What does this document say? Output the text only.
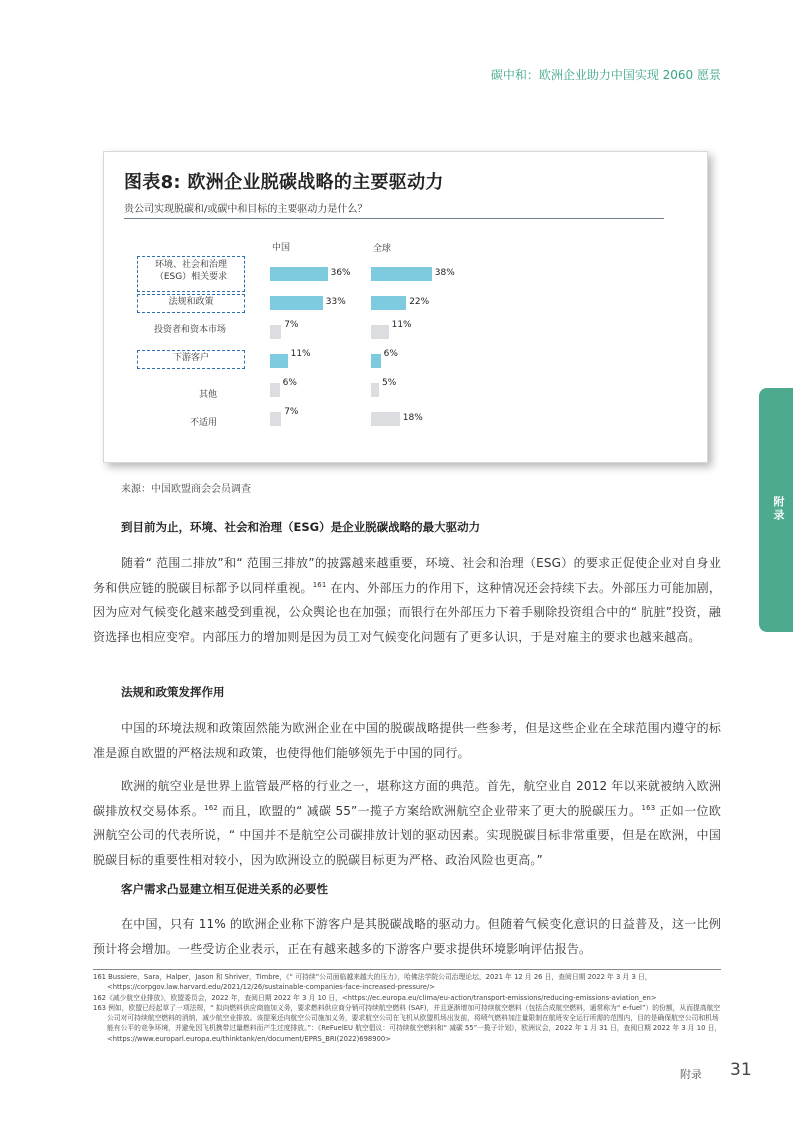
碳中和：欧洲企业助力中国实现 2060 愿景
附录
图表8: 欧洲企业脱碳战略的主要驱动力
贵公司实现脱碳和/或碳中和目标的主要驱动力是什么？
中国	全球
环境、社会和治理
（ESG）相关要求
法规和政策
投资者和资本市场
下游客户
其他
不适用
36%
33%
7%
11%
6%
7%
38%
22%
11%
6%
5%
18%
来源：中国欧盟商会会员调查
到目前为止，环境、社会和治理（ESG）是企业脱碳战略的最大驱动力
随着“ 范围二排放”和“ 范围三排放”的披露越来越重要，环境、社会和治理（ESG）的要求正促使企业对自身业务和供应链的脱碳目标都予以同样重视。$^{161}$ 在内、外部压力的作用下，这种情况还会持续下去。外部压力可能加剧，因为应对气候变化越来越受到重视，公众舆论也在加强；而银行在外部压力下着手剔除投资组合中的“ 肮脏”投资，融资选择也相应变窄。内部压力的增加则是因为员工对气候变化问题有了更多认识，于是对雇主的要求也越来越高。
法规和政策发挥作用
中国的环境法规和政策固然能为欧洲企业在中国的脱碳战略提供一些参考，但是这些企业在全球范围内遵守的标准是源自欧盟的严格法规和政策，也使得他们能够领先于中国的同行。
欧洲的航空业是世界上监管最严格的行业之一，堪称这方面的典范。首先，航空业自 2012 年以来就被纳入欧洲碳排放权交易体系。$^{162}$ 而且，欧盟的“ 减碳 55”一揽子方案给欧洲航空企业带来了更大的脱碳压力。$^{163}$ 正如一位欧洲航空公司的代表所说，“ 中国并不是航空公司碳排放计划的驱动因素。实现脱碳目标非常重要，但是在欧洲，中国脱碳目标的重要性相对较小，因为欧洲设立的脱碳目标更为严格、政治风险也更高。”
客户需求凸显建立相互促进关系的必要性
在中国，只有 11% 的欧洲企业称下游客户是其脱碳战略的驱动力。但随着气候变化意识的日益普及，这一比例预计将会增加。一些受访企业表示，正在有越来越多的下游客户要求提供环境影响评估报告。
161 Bussiere，Sara，Halper，Jason 和 Shriver，Timbre，《“ 可持续”公司面临越来越大的压力》，哈佛法学院公司治理论坛，2021 年 12 月 26 日，查阅日期 2022 年 3 月 3 日，<https://corpgov.law.harvard.edu/2021/12/26/sustainable-companies-face-increased-pressure/>
162《减少航空业排放》，欧盟委员会，2022 年，查阅日期 2022 年 3 月 10 日，<https://ec.europa.eu/clima/eu-action/transport-emissions/reducing-emissions-aviation_en>
163 例如，欧盟已经起草了一项法规，“ 拟向燃料供应商施加义务，要求燃料供应商分销可持续航空燃料 (SAF)，并且逐渐增加可持续航空燃料（包括合成航空燃料，通常称为“ e-fuel”）的份额，从而提高航空公司对可持续航空燃料的消纳，减少航空业排放。该提案还向航空公司施加义务，要求航空公司在飞机从欧盟机场出发前，将喷气燃料加注量限制在航班安全运行所需的范围内，目的是确保航空公司和机场能有公平的竞争环境，并避免因飞机携带过量燃料而产生过度排放。”：《ReFuelEU 航空倡议：可持续航空燃料和“ 减碳 55”一揽子计划》，欧洲议会，2022 年 1 月 31 日，查阅日期 2022 年 3 月 10 日，<https://www.europarl.europa.eu/thinktank/en/document/EPRS_BRI(2022)698900>
附录 31
